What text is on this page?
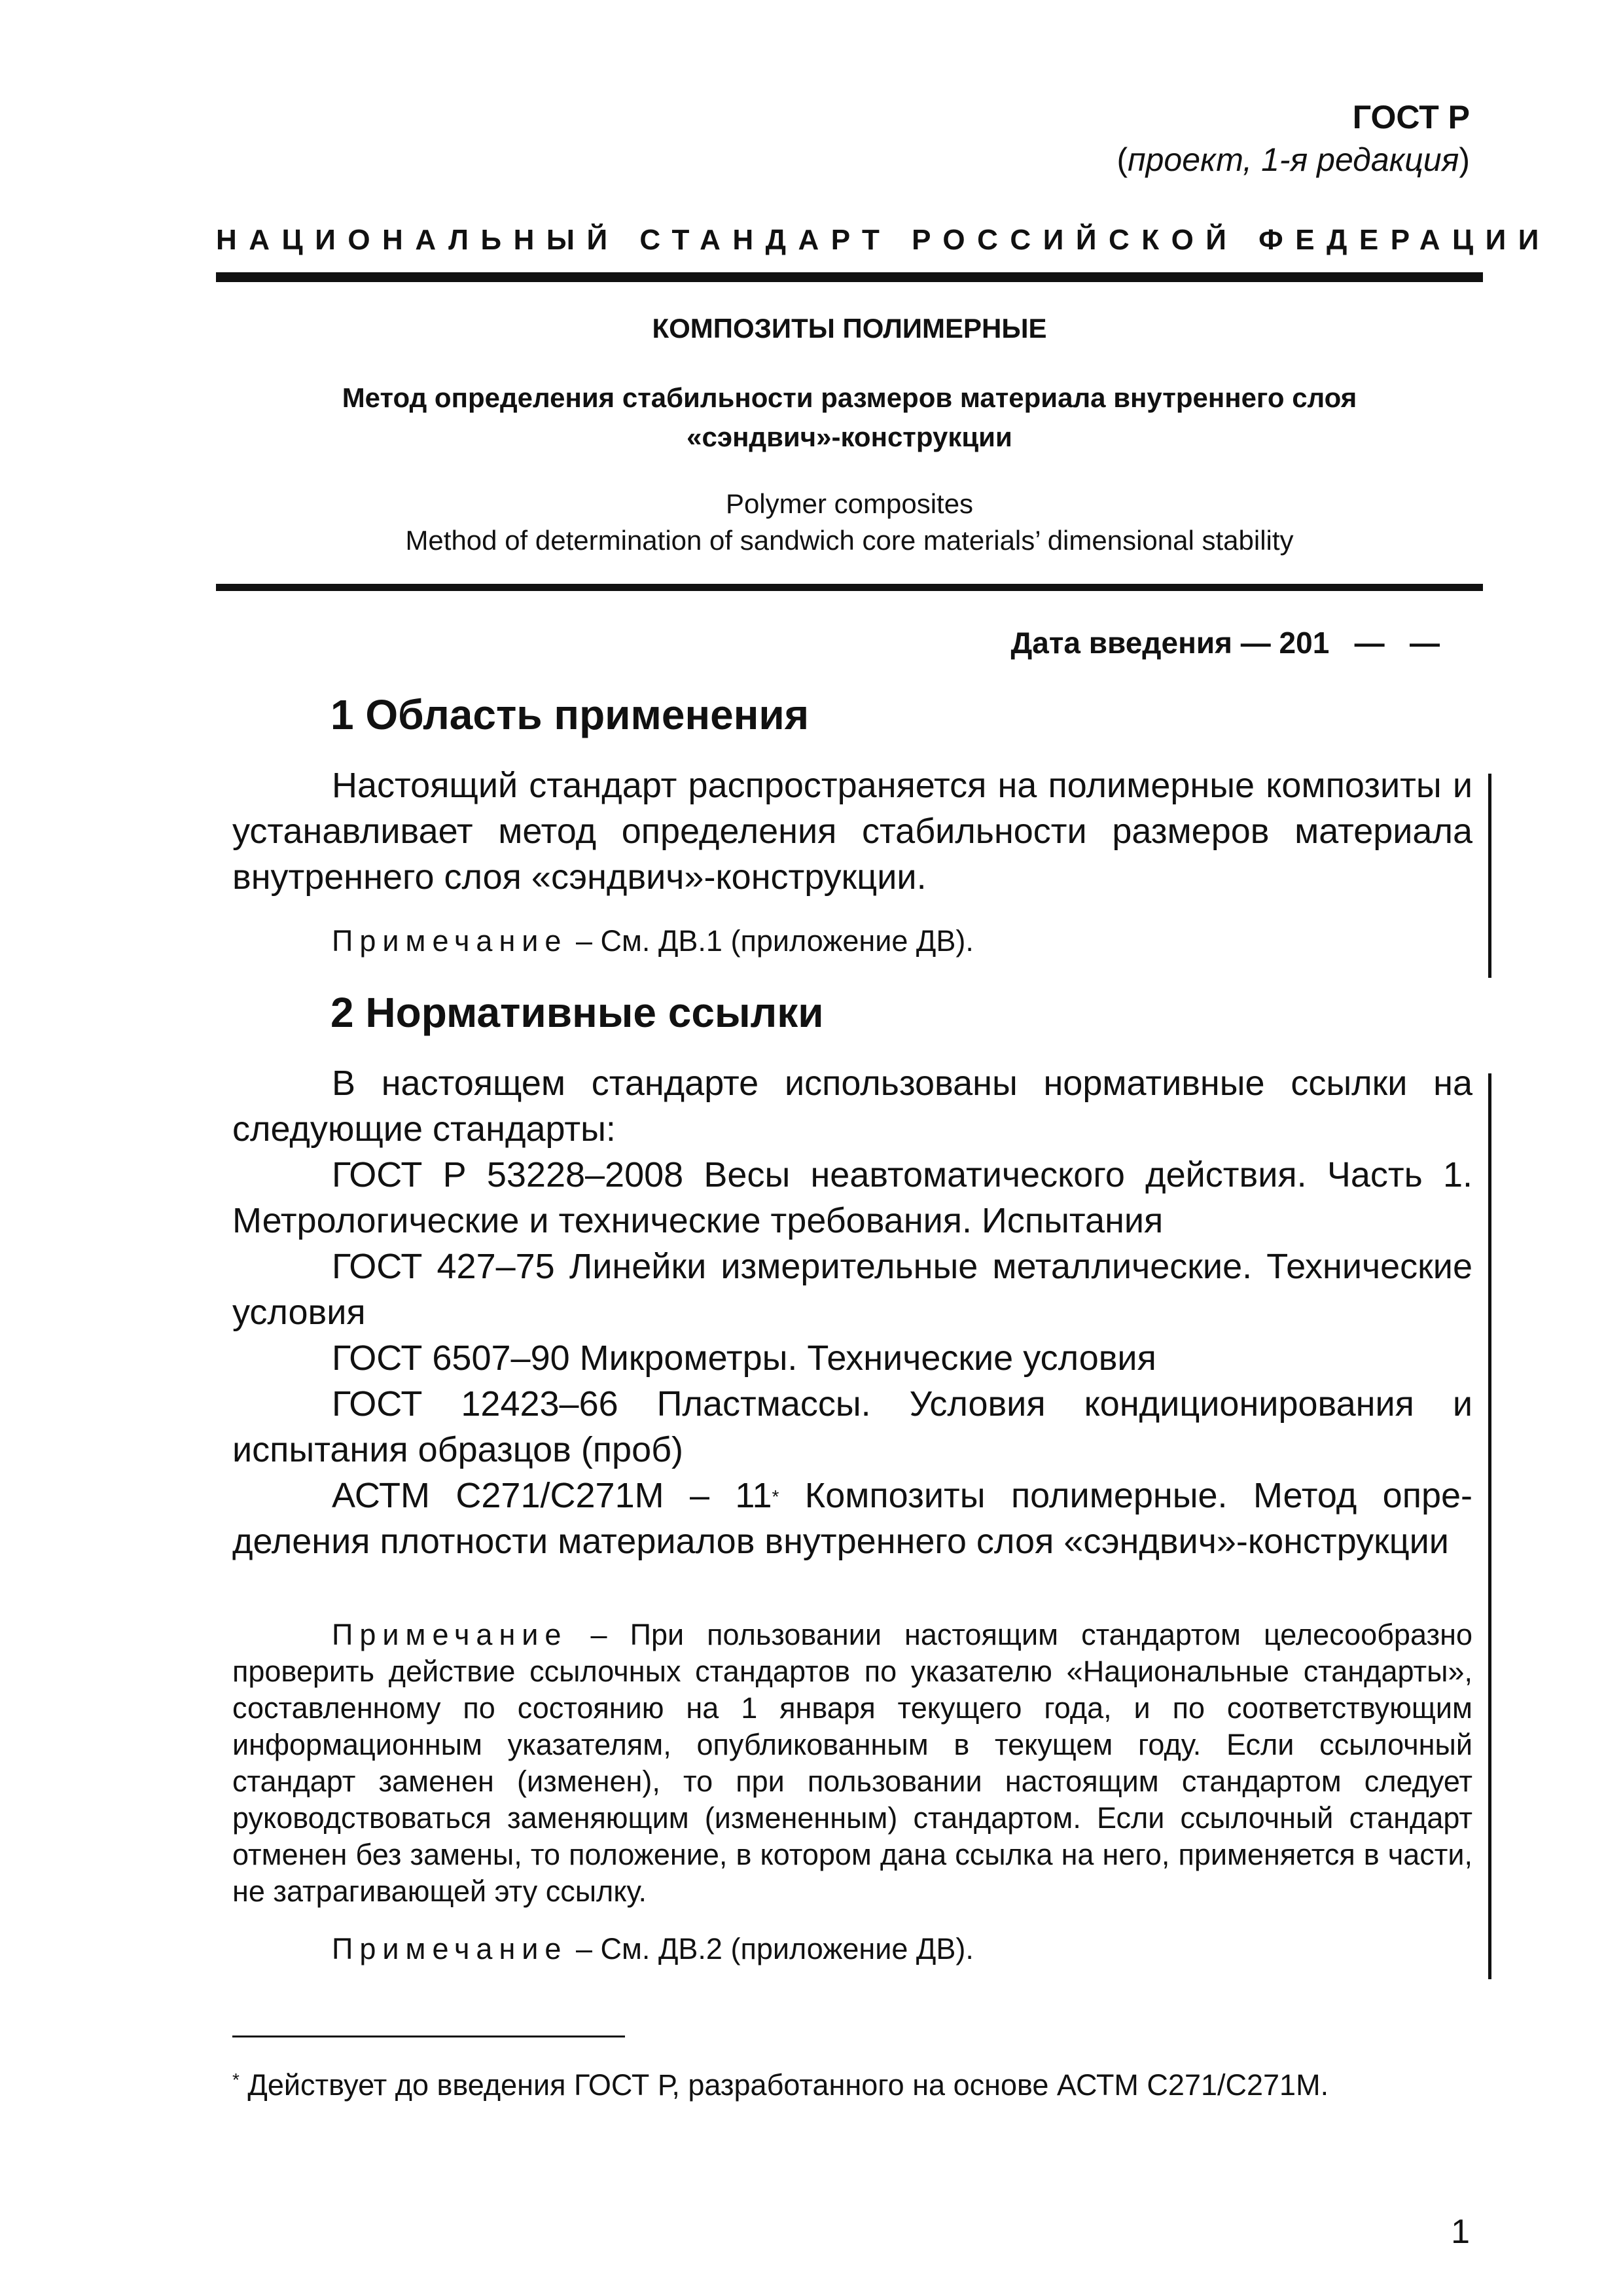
ГОСТ Р
(проект, 1-я редакция)
НАЦИОНАЛЬНЫЙ СТАНДАРТ РОССИЙСКОЙ ФЕДЕРАЦИИ
КОМПОЗИТЫ ПОЛИМЕРНЫЕ
Метод определения стабильности размеров материала внутреннего слоя
«сэндвич»-конструкции
Polymer composites
Method of determination of sandwich core materials’ dimensional stability
Дата введения — 201   —   —
1 Область применения

Настоящий стандарт распространяется на полимерные композиты и устанавливает метод определения стабильности размеров материала внутреннего слоя «сэндвич»-конструкции.

Примечание – См. ДВ.1 (приложение ДВ).
2 Нормативные ссылки

В настоящем стандарте использованы нормативные ссылки на следующие стандарты:

ГОСТ Р 53228–2008 Весы неавтоматического действия. Часть 1. Метрологические и технические требования. Испытания

ГОСТ 427–75 Линейки измерительные металлические. Технические условия

ГОСТ 6507–90 Микрометры. Технические условия

ГОСТ 12423–66 Пластмассы. Условия кондиционирования и испытания образцов (проб)

АСТМ С271/С271М – 11* Композиты полимерные. Метод определения плотности материалов внутреннего слоя «сэндвич»-конструкции

Примечание – При пользовании настоящим стандартом целесообразно проверить действие ссылочных стандартов по указателю «Национальные стандарты», составленному по состоянию на 1 января текущего года, и по соответствующим информационным указателям, опубликованным в текущем году. Если ссылочный стандарт заменен (изменен), то при пользовании настоящим стандартом следует руководствоваться заменяющим (измененным) стандартом. Если ссылочный стандарт отменен без замены, то положение, в котором дана ссылка на него, применяется в части, не затрагивающей эту ссылку.
Примечание – См. ДВ.2 (приложение ДВ).
* Действует до введения ГОСТ Р, разработанного на основе АСТМ С271/С271М.
1
